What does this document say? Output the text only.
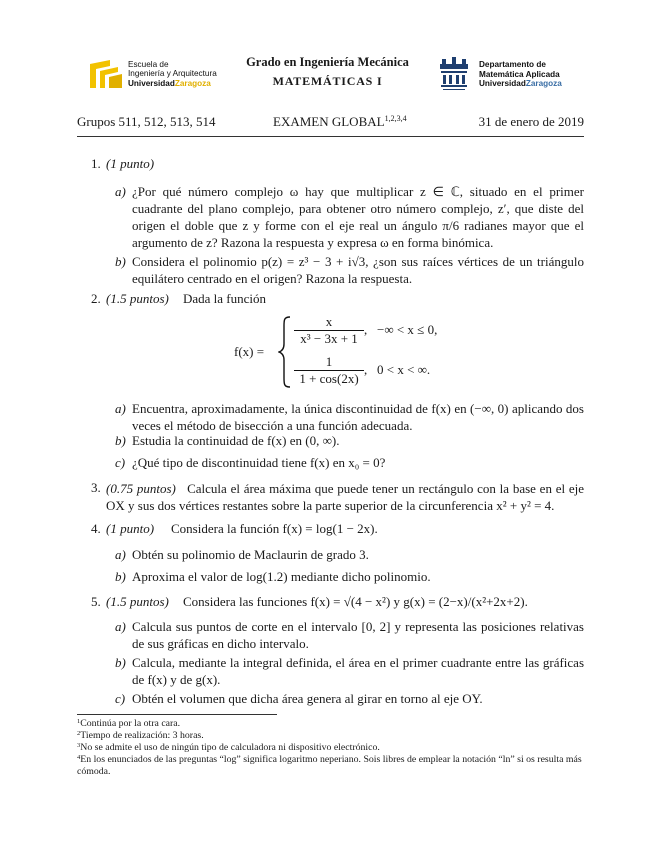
Escuela de
Ingeniería y Arquitectura
UniversidadZaragoza
Grado en Ingeniería Mecánica
MATEMÁTICAS I
Departamento de
Matemática Aplicada
UniversidadZaragoza
Grupos 511, 512, 513, 514	EXAMEN GLOBAL$^{1,2,3,4}$	31 de enero de 2019
1. (1 punto)
a) ¿Por qué número complejo ω hay que multiplicar z ∈ ℂ, situado en el primer cuadrante del plano complejo, para obtener otro número complejo, z′, que diste del origen el doble que z y forme con el eje real un ángulo π/6 radianes mayor que el argumento de z? Razona la respuesta y expresa ω en forma binómica.
b) Considera el polinomio p(z) = z³ − 3 + i√3, ¿son sus raíces vértices de un triángulo equilátero centrado en el origen? Razona la respuesta.
2. (1.5 puntos) Dada la función
f(x) =
x
x³ − 3x + 1
,   −∞ < x ≤ 0,
1
1 + cos(2x)
,   0 < x < ∞.
a) Encuentra, aproximadamente, la única discontinuidad de f(x) en (−∞, 0) aplicando dos veces el método de bisección a una función adecuada.
b) Estudia la continuidad de f(x) en (0, ∞).
c) ¿Qué tipo de discontinuidad tiene f(x) en x₀ = 0?
3. (0.75 puntos) Calcula el área máxima que puede tener un rectángulo con la base en el eje OX y sus dos vértices restantes sobre la parte superior de la circunferencia x² + y² = 4.
4. (1 punto) Considera la función f(x) = log(1 − 2x).
a) Obtén su polinomio de Maclaurin de grado 3.
b) Aproxima el valor de log(1.2) mediante dicho polinomio.
5. (1.5 puntos) Considera las funciones f(x) = √(4 − x²) y g(x) = (2−x)/(x²+2x+2).
a) Calcula sus puntos de corte en el intervalo [0, 2] y representa las posiciones relativas de sus gráficas en dicho intervalo.
b) Calcula, mediante la integral definida, el área en el primer cuadrante entre las gráficas de f(x) y de g(x).
c) Obtén el volumen que dicha área genera al girar en torno al eje OY.
$^1$Continúa por la otra cara.
$^2$Tiempo de realización: 3 horas.
$^3$No se admite el uso de ningún tipo de calculadora ni dispositivo electrónico.
$^4$En los enunciados de las preguntas “log” significa logaritmo neperiano. Sois libres de emplear la notación “ln” si os resulta más cómoda.
